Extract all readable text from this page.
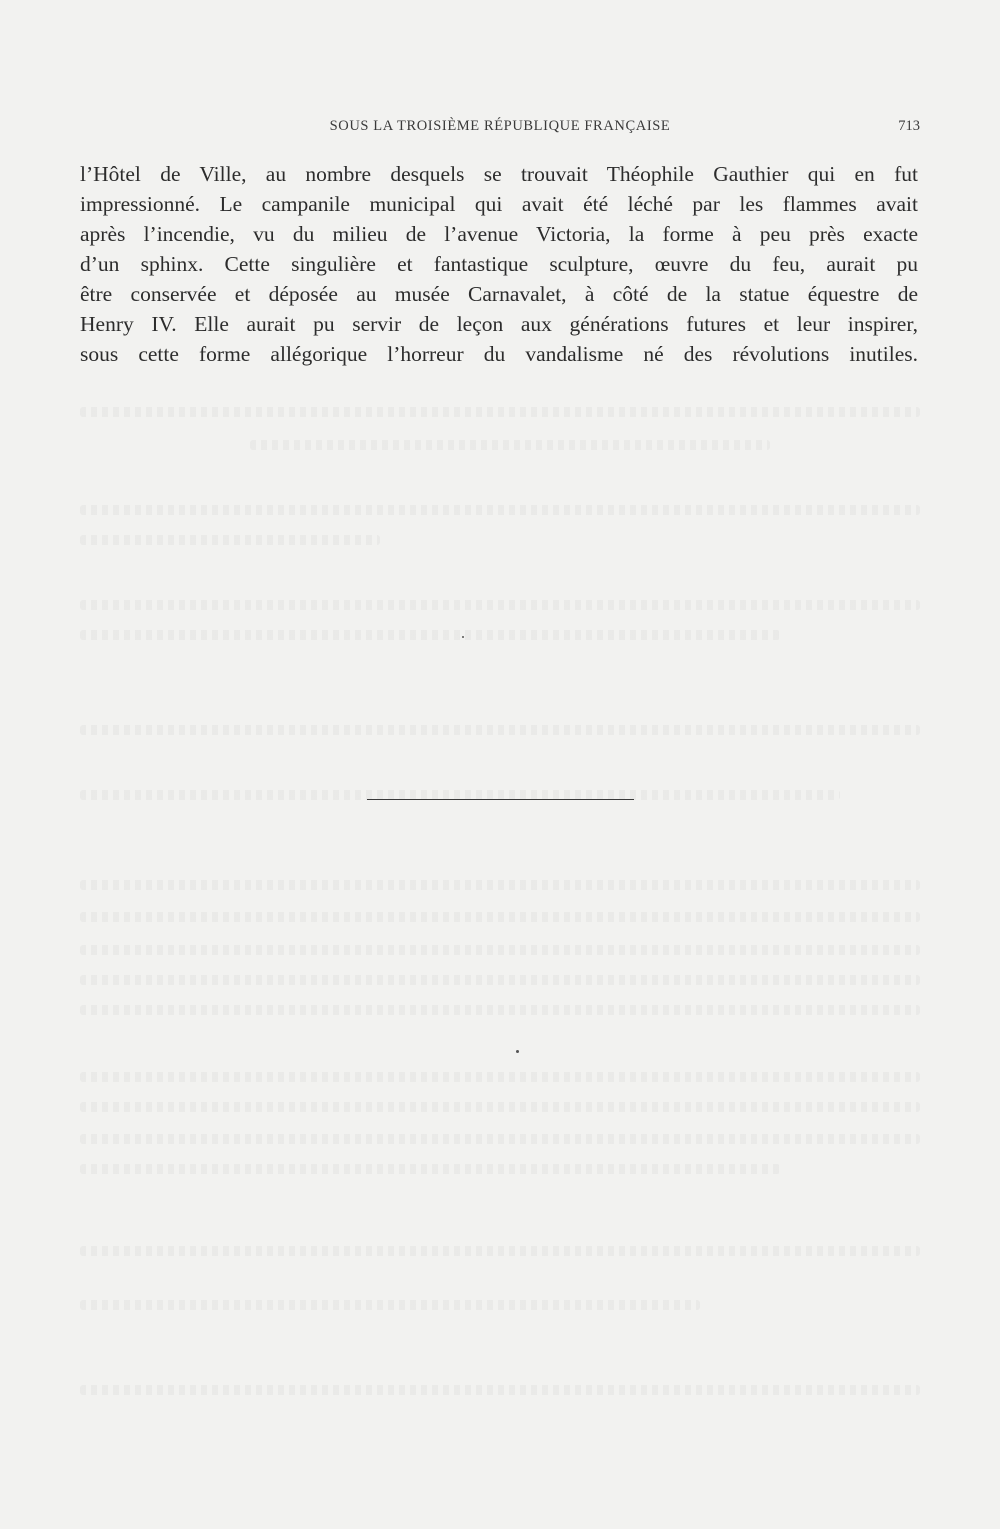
SOUS LA TROISIÈME RÉPUBLIQUE FRANÇAISE	713
l’Hôtel de Ville, au nombre desquels se trouvait Théophile Gauthier qui en fut
impressionné. Le campanile municipal qui avait été léché par les flammes avait
après l’incendie, vu du milieu de l’avenue Victoria, la forme à peu près exacte
d’un sphinx. Cette singulière et fantastique sculpture, œuvre du feu, aurait pu
être conservée et déposée au musée Carnavalet, à côté de la statue équestre de
Henry IV. Elle aurait pu servir de leçon aux générations futures et leur inspirer,
sous cette forme allégorique l’horreur du vandalisme né des révolutions inutiles.
